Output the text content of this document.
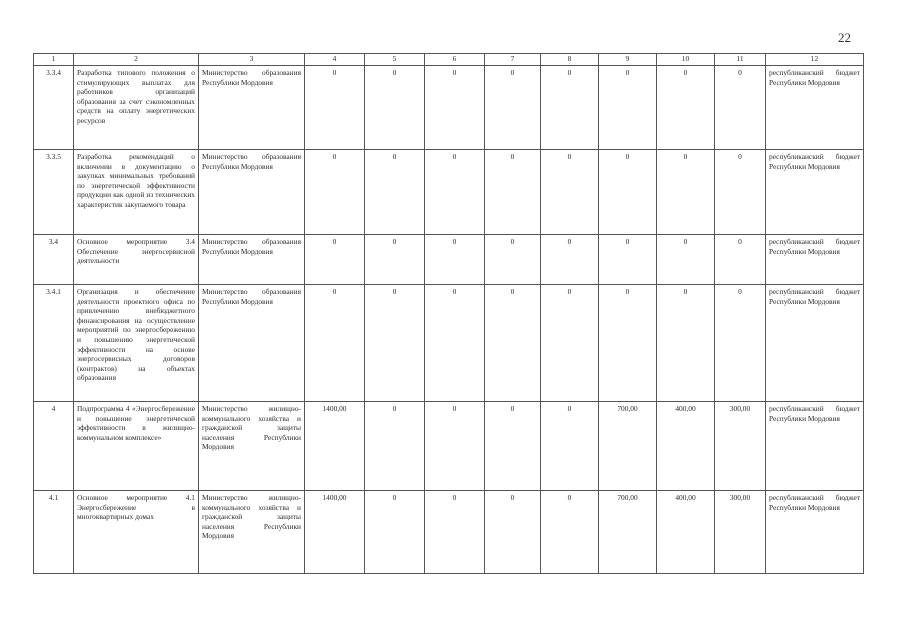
22
1	2	3	4	5	6	7	8	9	10	11	12
3.3.4	Разработка типового положения о стимулирующих выплатах для работников организаций образования за счет сэкономленных средств на оплату энергетических ресурсов	Министерство образования Республики Мордовия	0	0	0	0	0	0	0	0	республиканский бюджет Республики Мордовия
3.3.5	Разработка рекомендаций о включении в документацию о закупках минимальных требований по энергетической эффективности продукции как одной из технических характеристик закупаемого товара	Министерство образования Республики Мордовия	0	0	0	0	0	0	0	0	республиканский бюджет Республики Мордовия
3.4	Основное мероприятие 3.4 Обеспечение энергосервисной деятельности	Министерство образования Республики Мордовия	0	0	0	0	0	0	0	0	республиканский бюджет Республики Мордовия
3.4.1	Организация и обеспечение деятельности проектного офиса по привлечению внебюджетного финансирования на осуществление мероприятий по энергосбережению и повышению энергетической эффективности на основе энергосервисных договоров (контрактов) на объектах образования	Министерство образования Республики Мордовия	0	0	0	0	0	0	0	0	республиканский бюджет Республики Мордовия
4	Подпрограмма 4 «Энергосбережение и повышение энергетической эффективности в жилищно-коммунальном комплексе»	Министерство жилищно-коммунального хозяйства и гражданской защиты населения Республики Мордовия	1400,00	0	0	0	0	700,00	400,00	300,00	республиканский бюджет Республики Мордовия
4.1	Основное мероприятие 4.1 Энергосбережение в многоквартирных домах	Министерство жилищно-коммунального хозяйства и гражданской защиты населения Республики Мордовия	1400,00	0	0	0	0	700,00	400,00	300,00	республиканский бюджет Республики Мордовия
